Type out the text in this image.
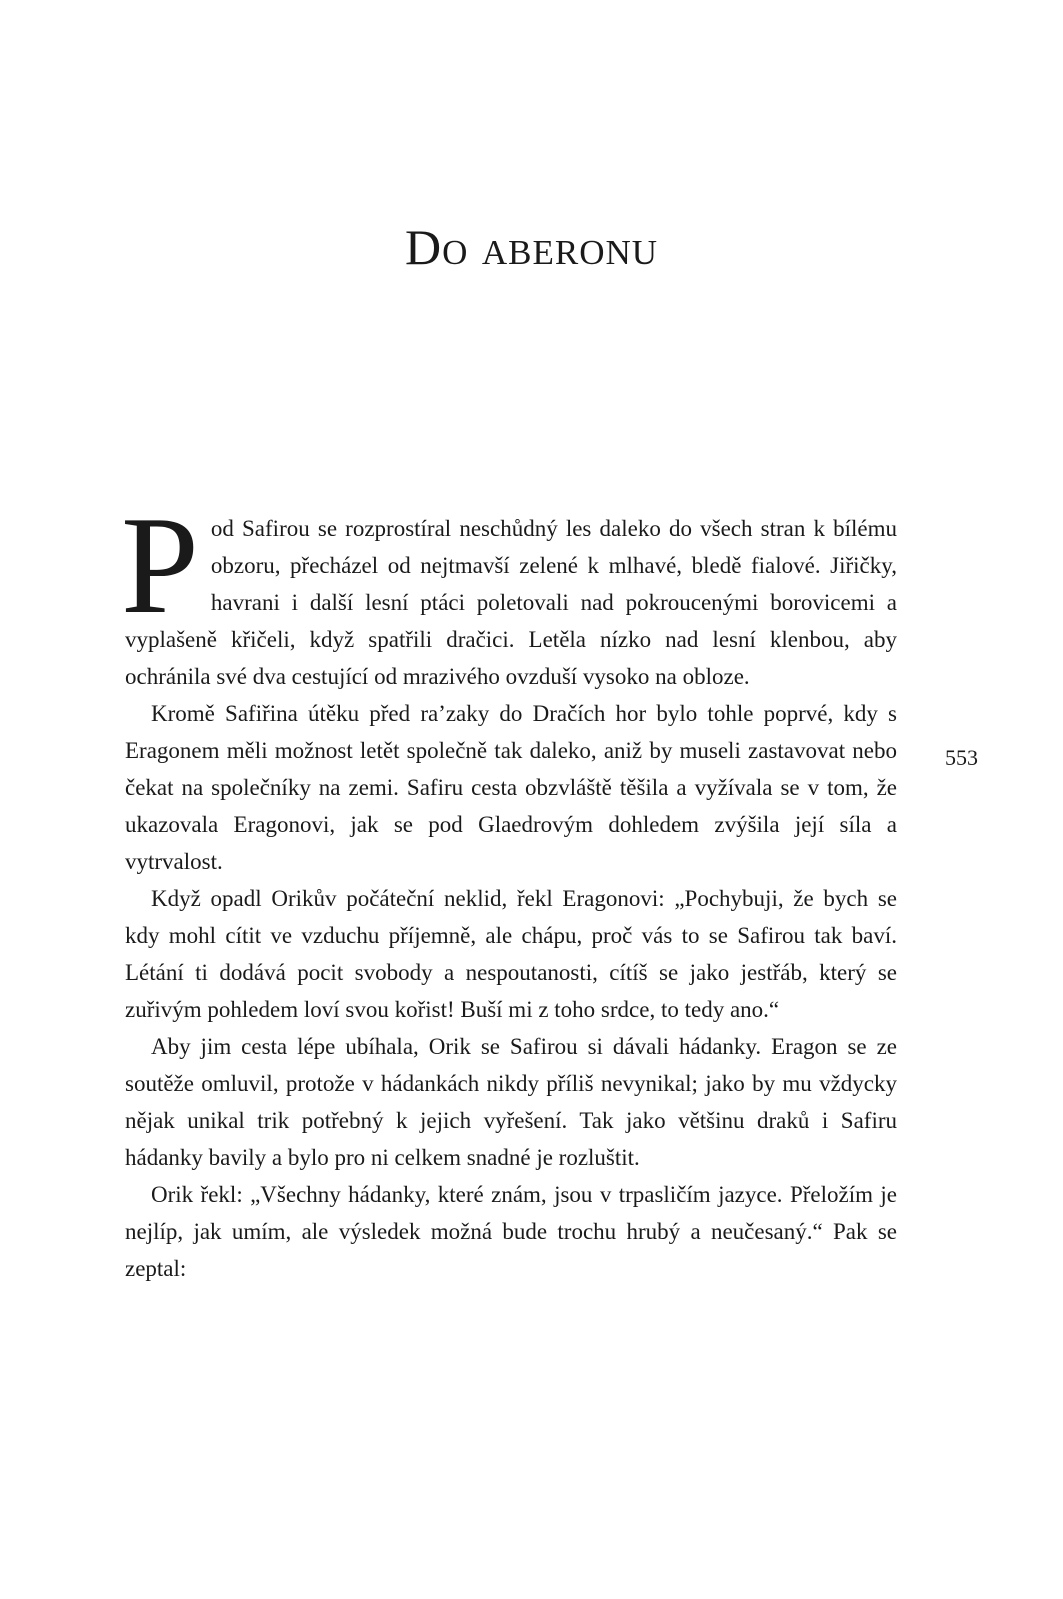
Do aberonu

Pod Safirou se rozprostíral neschůdný les daleko do všech stran k bílému obzoru, přecházel od nejtmavší zelené k mlhavé, bledě fialové. Jiřičky, havrani i další lesní ptáci poletovali nad pokroucenými borovicemi a vyplašeně křičeli, když spatřili dračici. Letěla nízko nad lesní klenbou, aby ochránila své dva cestující od mrazivého ovzduší vysoko na obloze.

Kromě Safiřina útěku před ra’zaky do Dračích hor bylo tohle poprvé, kdy s Eragonem měli možnost letět společně tak daleko, aniž by museli zastavovat nebo čekat na společníky na zemi. Safiru cesta obzvláště těšila a vyžívala se v tom, že ukazovala Eragonovi, jak se pod Glaedrovým dohledem zvýšila její síla a vytrvalost.

Když opadl Orikův počáteční neklid, řekl Eragonovi: „Pochybuji, že bych se kdy mohl cítit ve vzduchu příjemně, ale chápu, proč vás to se Safirou tak baví. Létání ti dodává pocit svobody a nespoutanosti, cítíš se jako jestřáb, který se zuřivým pohledem loví svou kořist! Buší mi z toho srdce, to tedy ano.“

Aby jim cesta lépe ubíhala, Orik se Safirou si dávali hádanky. Eragon se ze soutěže omluvil, protože v hádankách nikdy příliš nevynikal; jako by mu vždycky nějak unikal trik potřebný k jejich vyřešení. Tak jako většinu draků i Safiru hádanky bavily a bylo pro ni celkem snadné je rozluštit.

Orik řekl: „Všechny hádanky, které znám, jsou v trpasličím jazyce. Přeložím je nejlíp, jak umím, ale výsledek možná bude trochu hrubý a neučesaný.“ Pak se zeptal:

553
